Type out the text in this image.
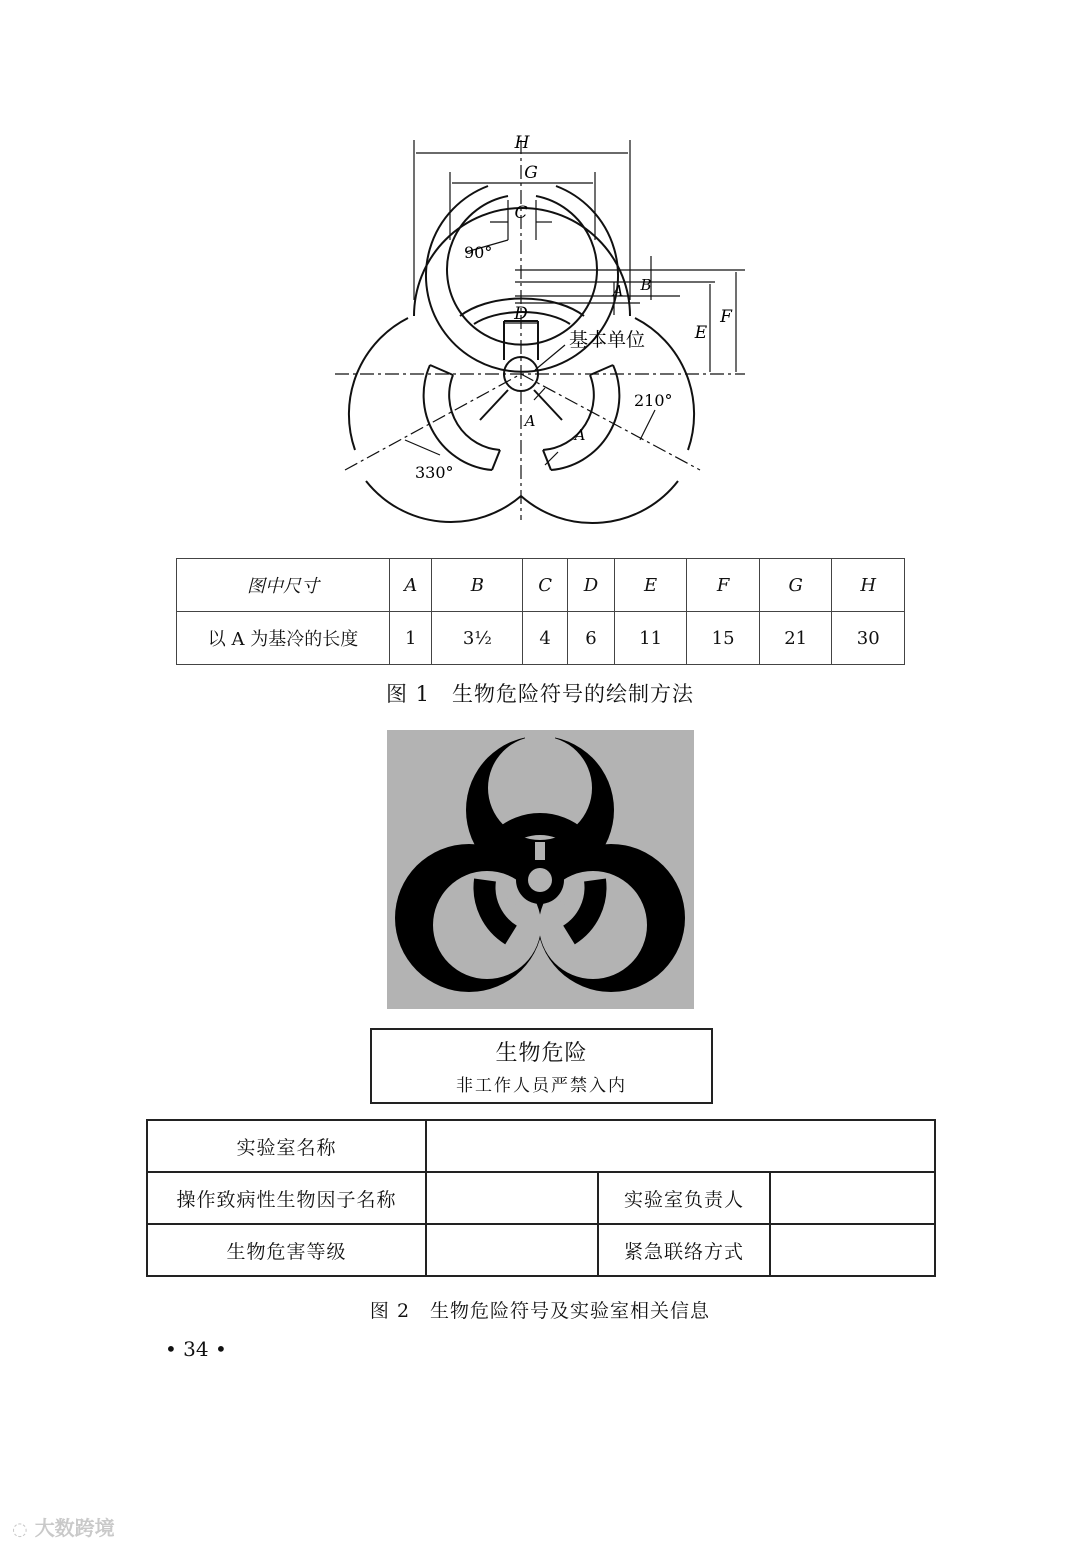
H
G
C
D
A B
E
F
A
A
90°
210°
330°
基本单位
图中尺寸	A	B	C	D	E	F	G	H
以 A 为基冷的长度	1	3½	4	6	11	15	21	30
图 1　生物危险符号的绘制方法
生物危险
非工作人员严禁入内
实验室名称			
操作致病性生物因子名称		实验室负责人	
生物危害等级		紧急联络方式	
图 2　生物危险符号及实验室相关信息
• 34 •
◌ 大数跨境
